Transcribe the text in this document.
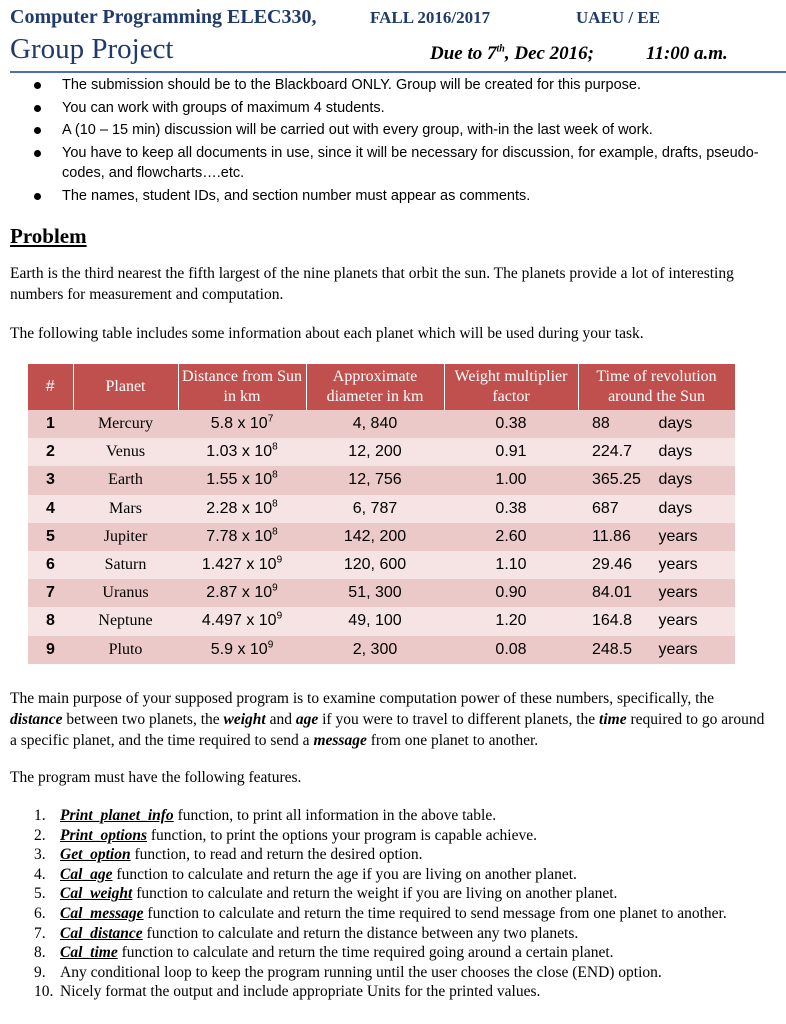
Computer Programming ELEC330,	FALL 2016/2017	UAEU / EE
Group Project	Due to 7th, Dec 2016;	11:00 a.m.
The submission should be to the Blackboard ONLY. Group will be created for this purpose.
You can work with groups of maximum 4 students.
A (10 – 15 min) discussion will be carried out with every group, with-in the last week of work.
You have to keep all documents in use, since it will be necessary for discussion, for example, drafts, pseudo-codes, and flowcharts….etc.
The names, student IDs, and section number must appear as comments.
Problem

Earth is the third nearest the fifth largest of the nine planets that orbit the sun. The planets provide a lot of interesting numbers for measurement and computation.

The following table includes some information about each planet which will be used during your task.

#	Planet	Distance from Sun in km	Approximate diameter in km	Weight multiplier factor	Time of revolution around the Sun
1	Mercury	5.8 x $10^7$	4, 840	0.38	88 days
2	Venus	1.03 x $10^8$	12, 200	0.91	224.7 days
3	Earth	1.55 x $10^8$	12, 756	1.00	365.25 days
4	Mars	2.28 x $10^8$	6, 787	0.38	687 days
5	Jupiter	7.78 x $10^8$	142, 200	2.60	11.86 years
6	Saturn	1.427 x $10^9$	120, 600	1.10	29.46 years
7	Uranus	2.87 x $10^9$	51, 300	0.90	84.01 years
8	Neptune	4.497 x $10^9$	49, 100	1.20	164.8 years
9	Pluto	5.9 x $10^9$	2, 300	0.08	248.5 years

The main purpose of your supposed program is to examine computation power of these numbers, specifically, the distance between two planets, the weight and age if you were to travel to different planets, the time required to go around a specific planet, and the time required to send a message from one planet to another.

The program must have the following features.

1. Print_planet_info function, to print all information in the above table.
2. Print_options function, to print the options your program is capable achieve.
3. Get_option function, to read and return the desired option.
4. Cal_age function to calculate and return the age if you are living on another planet.
5. Cal_weight function to calculate and return the weight if you are living on another planet.
6. Cal_message function to calculate and return the time required to send message from one planet to another.
7. Cal_distance function to calculate and return the distance between any two planets.
8. Cal_time function to calculate and return the time required going around a certain planet.
9. Any conditional loop to keep the program running until the user chooses the close (END) option.
10. Nicely format the output and include appropriate Units for the printed values.
